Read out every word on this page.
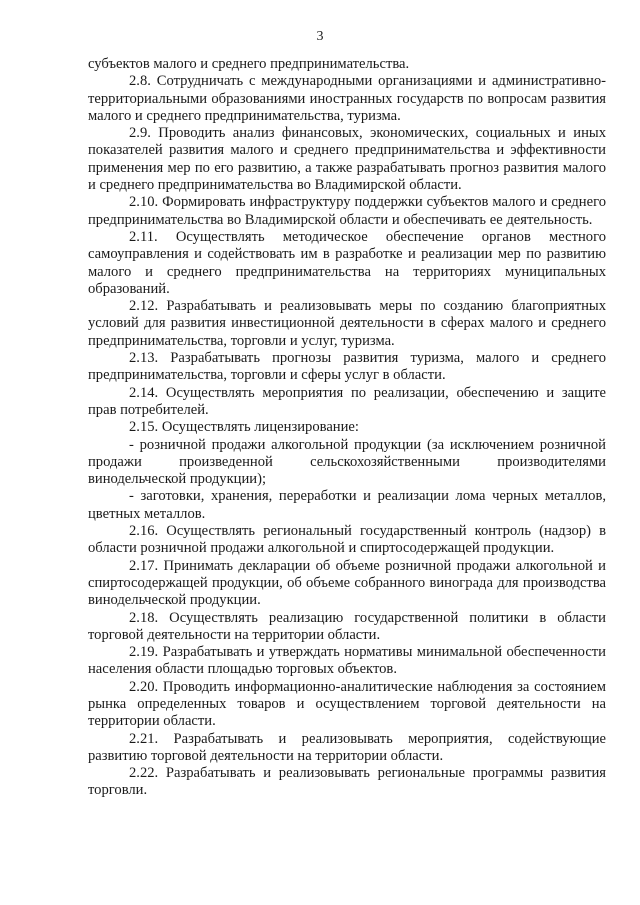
3

субъектов малого и среднего предпринимательства.

2.8. Сотрудничать с международными организациями и административно-территориальными образованиями иностранных государств по вопросам развития малого и среднего предпринимательства, туризма.

2.9. Проводить анализ финансовых, экономических, социальных и иных показателей развития малого и среднего предпринимательства и эффективности применения мер по его развитию, а также разрабатывать прогноз развития малого и среднего предпринимательства во Владимирской области.

2.10. Формировать инфраструктуру поддержки субъектов малого и среднего предпринимательства во Владимирской области и обеспечивать ее деятельность.

2.11. Осуществлять методическое обеспечение органов местного самоуправления и содействовать им в разработке и реализации мер по развитию малого и среднего предпринимательства на территориях муниципальных образований.

2.12. Разрабатывать и реализовывать меры по созданию благоприятных условий для развития инвестиционной деятельности в сферах малого и среднего предпринимательства, торговли и услуг, туризма.

2.13. Разрабатывать прогнозы развития туризма, малого и среднего предпринимательства, торговли и сферы услуг в области.

2.14. Осуществлять мероприятия по реализации, обеспечению и защите прав потребителей.

2.15. Осуществлять лицензирование:

- розничной продажи алкогольной продукции (за исключением розничной продажи произведенной сельскохозяйственными производителями винодельческой продукции);

- заготовки, хранения, переработки и реализации лома черных металлов, цветных металлов.

2.16. Осуществлять региональный государственный контроль (надзор) в области розничной продажи алкогольной и спиртосодержащей продукции.

2.17. Принимать декларации об объеме розничной продажи алкогольной и спиртосодержащей продукции, об объеме собранного винограда для производства винодельческой продукции.

2.18. Осуществлять реализацию государственной политики в области торговой деятельности на территории области.

2.19. Разрабатывать и утверждать нормативы минимальной обеспеченности населения области площадью торговых объектов.

2.20. Проводить информационно-аналитические наблюдения за состоянием рынка определенных товаров и осуществлением торговой деятельности на территории области.

2.21. Разрабатывать и реализовывать мероприятия, содействующие развитию торговой деятельности на территории области.

2.22. Разрабатывать и реализовывать региональные программы развития торговли.
